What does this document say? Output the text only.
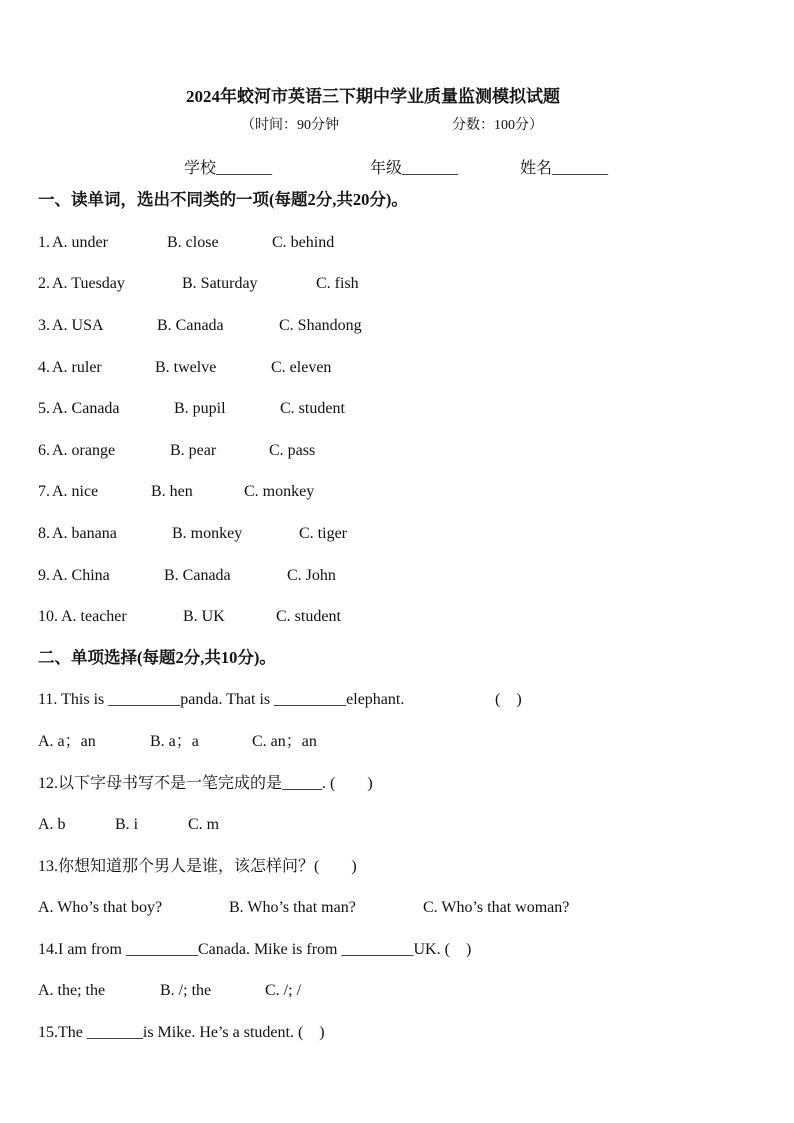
2024年蛟河市英语三下期中学业质量监测模拟试题
（时间：90分钟	分数：100分）
学校_______	年级_______	姓名_______
一、读单词，选出不同类的一项(每题2分,共20分)。
1. A. under	B. close	C. behind
2. A. Tuesday	B. Saturday	C. fish
3. A. USA	B. Canada	C. Shandong
4. A. ruler	B. twelve	C. eleven
5. A. Canada	B. pupil	C. student
6. A. orange	B. pear	C. pass
7. A. nice	B. hen	C. monkey
8. A. banana	B. monkey	C. tiger
9. A. China	B. Canada	C. John
10. A. teacher	B. UK	C. student
二、单项选择(每题2分,共10分)。
11. This is _________panda. That is _________elephant.	(　)
A. a；an	B. a；a	C. an；an
12.以下字母书写不是一笔完成的是_____. (　　)
A. b	B. i	C. m
13.你想知道那个男人是谁，该怎样问？(　　)
A. Who’s that boy?	B. Who’s that man?	C. Who’s that woman?
14.I am from _________Canada. Mike is from _________UK. (　)
A. the; the	B. /; the	C. /; /
15.The _______is Mike. He’s a student. (　)
